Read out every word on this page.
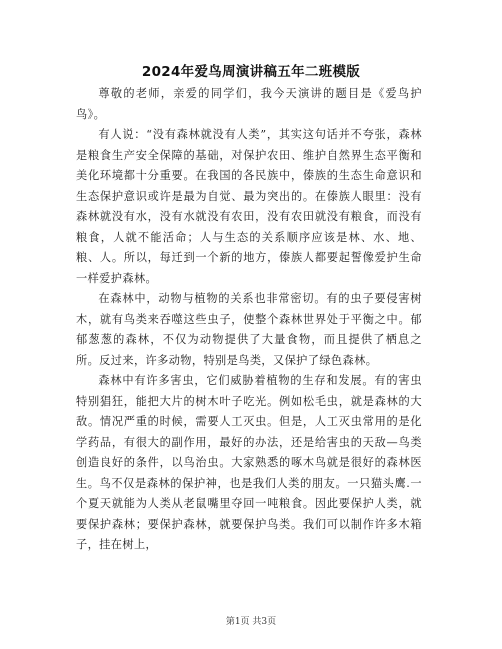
2024年爱鸟周演讲稿五年二班模版

尊敬的老师，亲爱的同学们，我今天演讲的题目是《爱鸟护鸟》。

有人说：“没有森林就没有人类”，其实这句话并不夸张，森林是粮食生产安全保障的基础，对保护农田、维护自然界生态平衡和美化环境都十分重要。在我国的各民族中，傣族的生态生命意识和生态保护意识或许是最为自觉、最为突出的。在傣族人眼里：没有森林就没有水，没有水就没有农田，没有农田就没有粮食，而没有粮食，人就不能活命；人与生态的关系顺序应该是林、水、地、粮、人。所以，每迁到一个新的地方，傣族人都要起誓像爱护生命一样爱护森林。

在森林中，动物与植物的关系也非常密切。有的虫子要侵害树木，就有鸟类来吞噬这些虫子，使整个森林世界处于平衡之中。郁郁葱葱的森林，不仅为动物提供了大量食物，而且提供了栖息之所。反过来，许多动物，特别是鸟类，又保护了绿色森林。

森林中有许多害虫，它们威胁着植物的生存和发展。有的害虫特别猖狂，能把大片的树木叶子吃光。例如松毛虫，就是森林的大敌。情况严重的时候，需要人工灭虫。但是，人工灭虫常用的是化学药品，有很大的副作用，最好的办法，还是给害虫的天敌—鸟类创造良好的条件，以鸟治虫。大家熟悉的啄木鸟就是很好的森林医生。鸟不仅是森林的保护神，也是我们人类的朋友。一只猫头鹰.一个夏天就能为人类从老鼠嘴里夺回一吨粮食。因此要保护人类，就要保护森林；要保护森林，就要保护鸟类。我们可以制作许多木箱子，挂在树上，

第1页 共3页
